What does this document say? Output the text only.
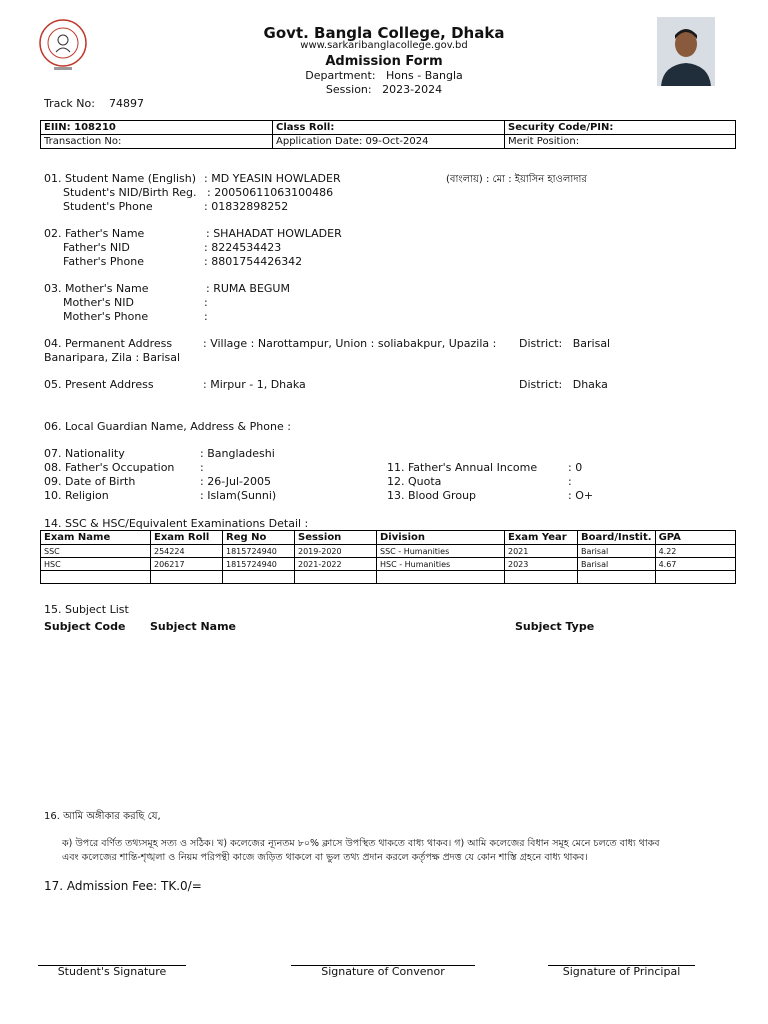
Govt. Bangla College, Dhaka
www.sarkaribanglacollege.gov.bd
Admission Form
Department: Hons - Bangla
Session: 2023-2024
Track No: 74897
EIIN: 108210	Class Roll:	Security Code/PIN:
Transaction No:	Application Date: 09-Oct-2024	Merit Position:
01. Student Name (English) : MD YEASIN HOWLADER	(বাংলায়) : মো : ইয়াসিন হাওলাদার
Student's NID/Birth Reg. : 20050611063100486
Student's Phone	: 01832898252
02. Father's Name	: SHAHADAT HOWLADER
Father's NID	: 8224534423
Father's Phone	: 8801754426342
03. Mother's Name	: RUMA BEGUM
Mother's NID	:
Mother's Phone	:
04. Permanent Address	: Village : Narottampur, Union : soliabakpur, Upazila :
Banaripara, Zila : Barisal
District: Barisal
05. Present Address	: Mirpur - 1, Dhaka	District: Dhaka
06. Local Guardian Name, Address & Phone :
07. Nationality	: Bangladeshi
08. Father's Occupation :
09. Date of Birth	: 26-Jul-2005
10. Religion	: Islam(Sunni)
11. Father's Annual Income	: 0
12. Quota	:
13. Blood Group	: O+
14. SSC & HSC/Equivalent Examinations Detail :
Exam Name	Exam Roll	Reg No	Session	Division	Exam Year	Board/Instit.	GPA
SSC	254224	1815724940	2019-2020	SSC - Humanities	2021	Barisal	4.22
HSC	206217	1815724940	2021-2022	HSC - Humanities	2023	Barisal	4.67

15. Subject List
Subject Code Subject Name	Subject Type
16. আমি অঙ্গীকার করছি যে,
ক) উপরে বর্ণিত তথ্যসমূহ সত্য ও সঠিক। খ) কলেজের ন্যূনতম ৮০% ক্লাসে উপস্থিত থাকতে বাধ্য থাকব। গ) আমি কলেজের বিধান সমূহ মেনে চলতে বাধ্য থাকব
এবং কলেজের শান্তি-শৃঙ্খলা ও নিয়ম পরিপন্থী কাজে জড়িত থাকলে বা ভুল তথ্য প্রদান করলে কর্তৃপক্ষ প্রদত্ত যে কোন শাস্তি গ্রহনে বাধ্য থাকব।
17. Admission Fee: TK.0/=
Student's Signature	Signature of Convenor	Signature of Principal
